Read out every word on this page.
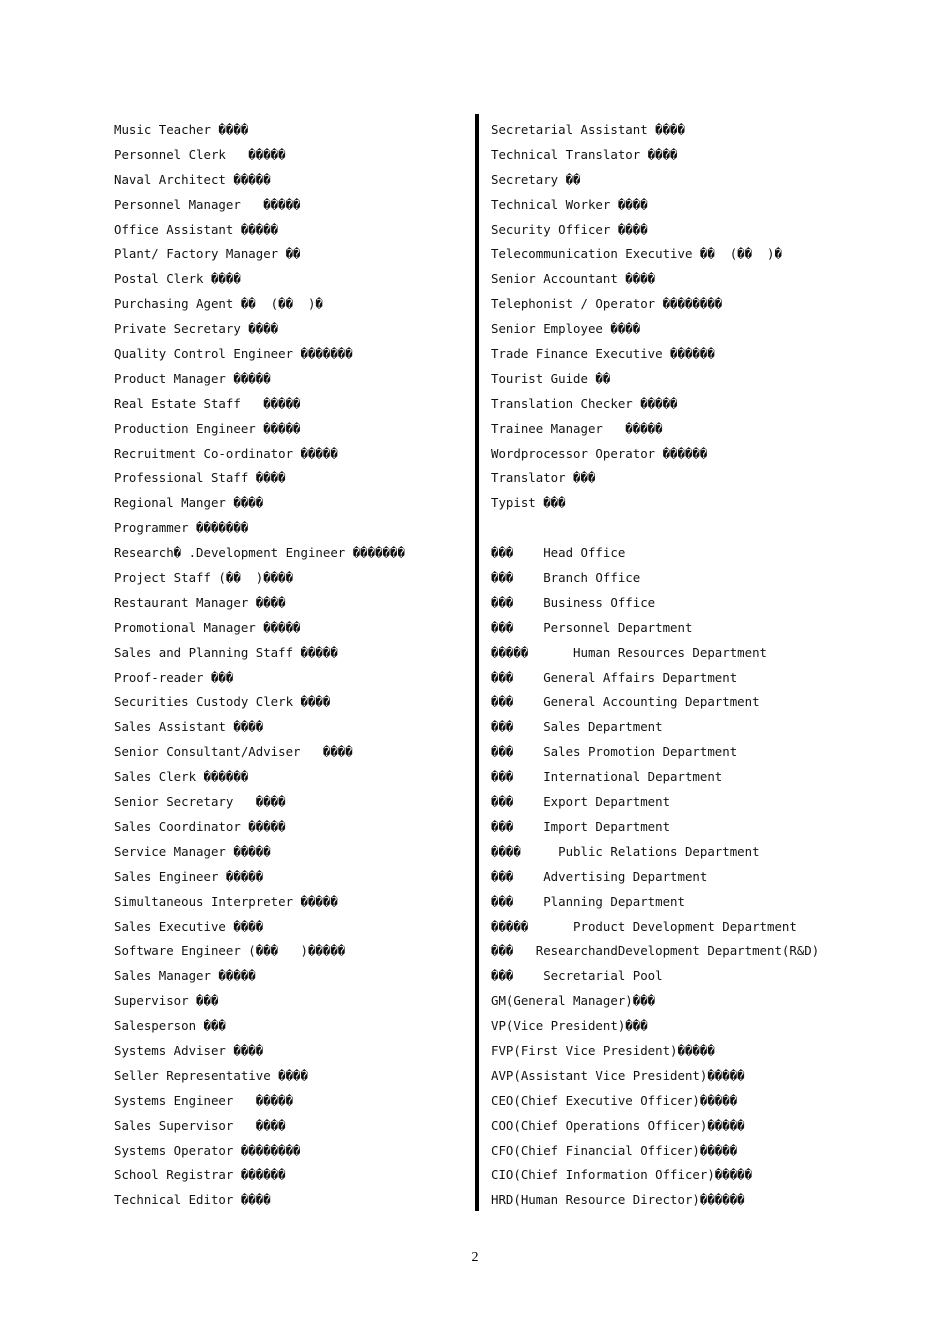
Music Teacher ����
Personnel Clerk   �����
Naval Architect �����
Personnel Manager   �����
Office Assistant �����
Plant/ Factory Manager ��
Postal Clerk ����
Purchasing Agent ��  (��  )�
Private Secretary ����
Quality Control Engineer �������
Product Manager �����
Real Estate Staff   �����
Production Engineer �����
Recruitment Co-ordinator �����
Professional Staff ����
Regional Manger ����
Programmer �������
Research� .Development Engineer �������
Project Staff (��  )����
Restaurant Manager ����
Promotional Manager �����
Sales and Planning Staff �����
Proof-reader ���
Securities Custody Clerk ����
Sales Assistant ����
Senior Consultant/Adviser   ����
Sales Clerk ������
Senior Secretary   ����
Sales Coordinator �����
Service Manager �����
Sales Engineer �����
Simultaneous Interpreter �����
Sales Executive ����
Software Engineer (���   )�����
Sales Manager �����
Supervisor ���
Salesperson ���
Systems Adviser ����
Seller Representative ����
Systems Engineer   �����
Sales Supervisor   ����
Systems Operator ��������
School Registrar ������
Technical Editor ����
Secretarial Assistant ����
Technical Translator ����
Secretary ��
Technical Worker ����
Security Officer ����
Telecommunication Executive ��  (��  )�
Senior Accountant ����
Telephonist / Operator ��������
Senior Employee ����
Trade Finance Executive ������
Tourist Guide ��
Translation Checker �����
Trainee Manager   �����
Wordprocessor Operator ������
Translator ���
Typist ���
���    Head Office
���    Branch Office
���    Business Office
���    Personnel Department
�����      Human Resources Department
���    General Affairs Department
���    General Accounting Department
���    Sales Department
���    Sales Promotion Department
���    International Department
���    Export Department
���    Import Department
����     Public Relations Department
���    Advertising Department
���    Planning Department
�����      Product Development Department
���   ResearchandDevelopment Department(R&D)
���    Secretarial Pool
GM(General Manager)���
VP(Vice President)���
FVP(First Vice President)�����
AVP(Assistant Vice President)�����
CEO(Chief Executive Officer)�����
COO(Chief Operations Officer)�����
CFO(Chief Financial Officer)�����
CIO(Chief Information Officer)�����
HRD(Human Resource Director)������
2
